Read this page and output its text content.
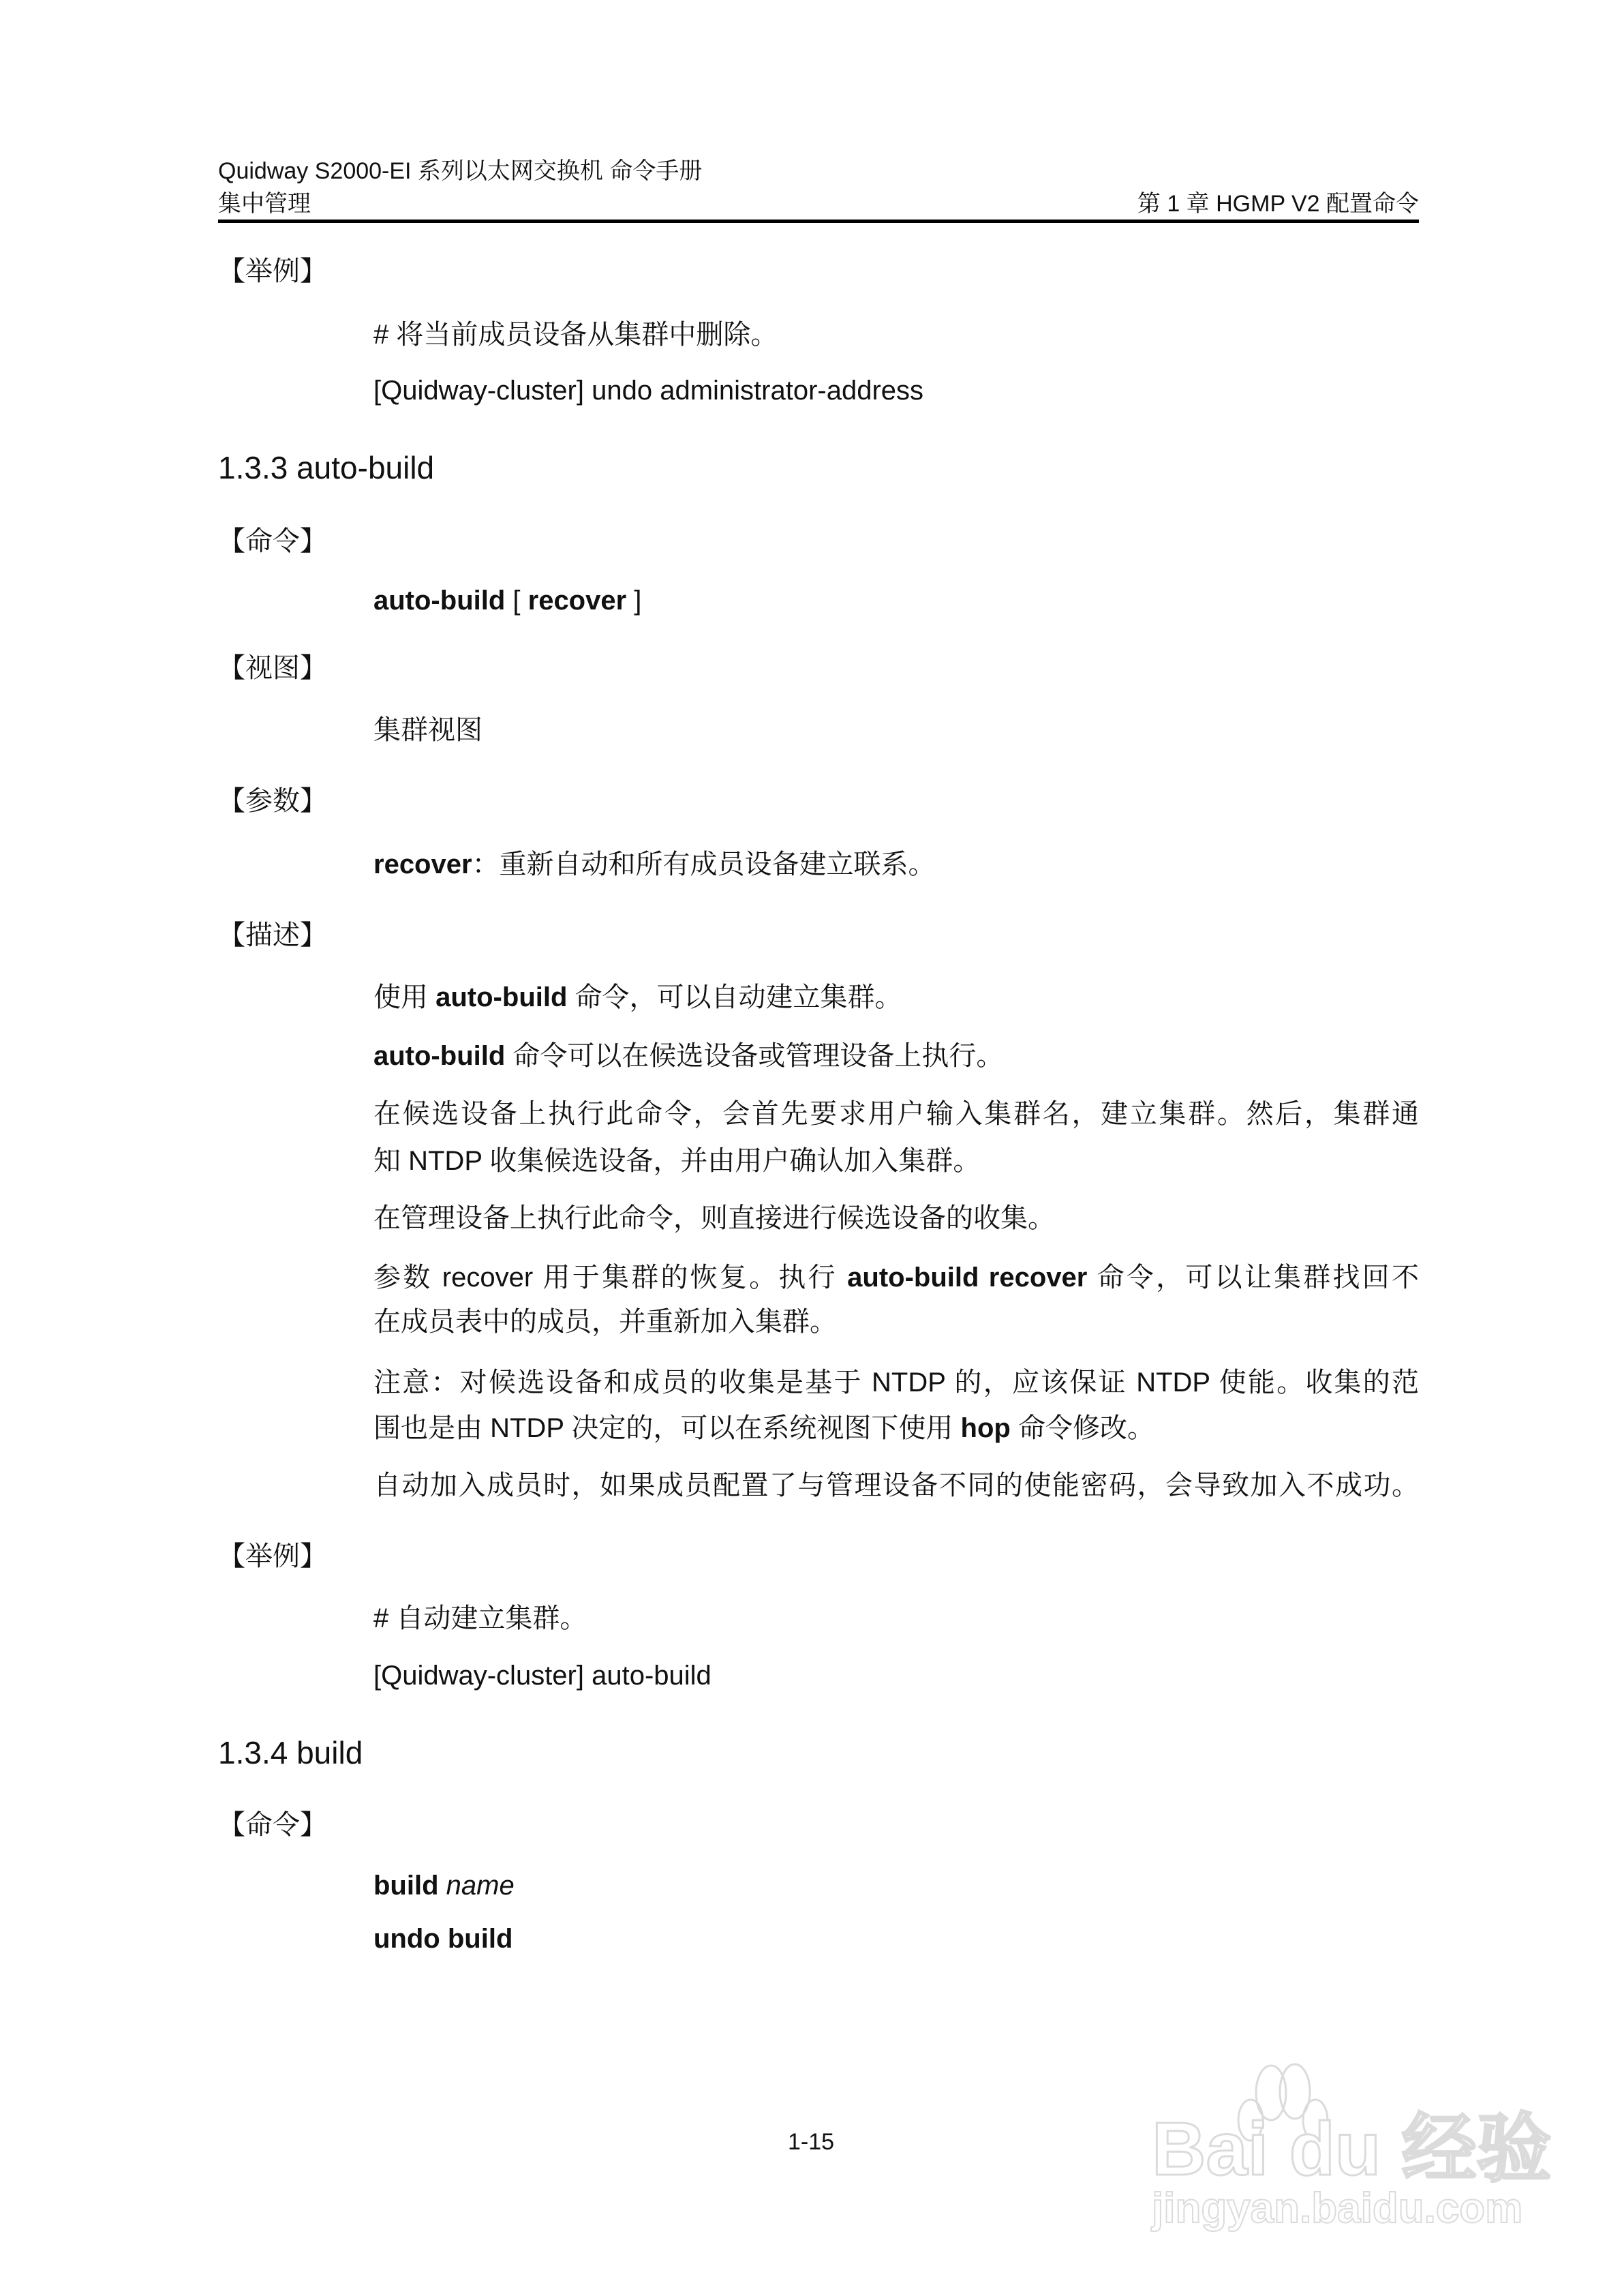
Quidway S2000-EI 系列以太网交换机 命令手册
集中管理	第 1 章 HGMP V2 配置命令
【举例】
# 将当前成员设备从集群中删除。
[Quidway-cluster] undo administrator-address
1.3.3 auto-build
【命令】
auto-build [ recover ]
【视图】
集群视图
【参数】
recover：重新自动和所有成员设备建立联系。
【描述】
使用 auto-build 命令，可以自动建立集群。
auto-build 命令可以在候选设备或管理设备上执行。
在候选设备上执行此命令，会首先要求用户输入集群名，建立集群。然后，集群通
知 NTDP 收集候选设备，并由用户确认加入集群。
在管理设备上执行此命令，则直接进行候选设备的收集。
参数 recover 用于集群的恢复。执行 auto-build recover 命令，可以让集群找回不
在成员表中的成员，并重新加入集群。
注意：对候选设备和成员的收集是基于 NTDP 的，应该保证 NTDP 使能。收集的范
围也是由 NTDP 决定的，可以在系统视图下使用 hop 命令修改。
自动加入成员时，如果成员配置了与管理设备不同的使能密码，会导致加入不成功。
【举例】
# 自动建立集群。
[Quidway-cluster] auto-build
1.3.4 build
【命令】
build name
undo build
1-15	Bai du 经验
jingyan.baidu.com
